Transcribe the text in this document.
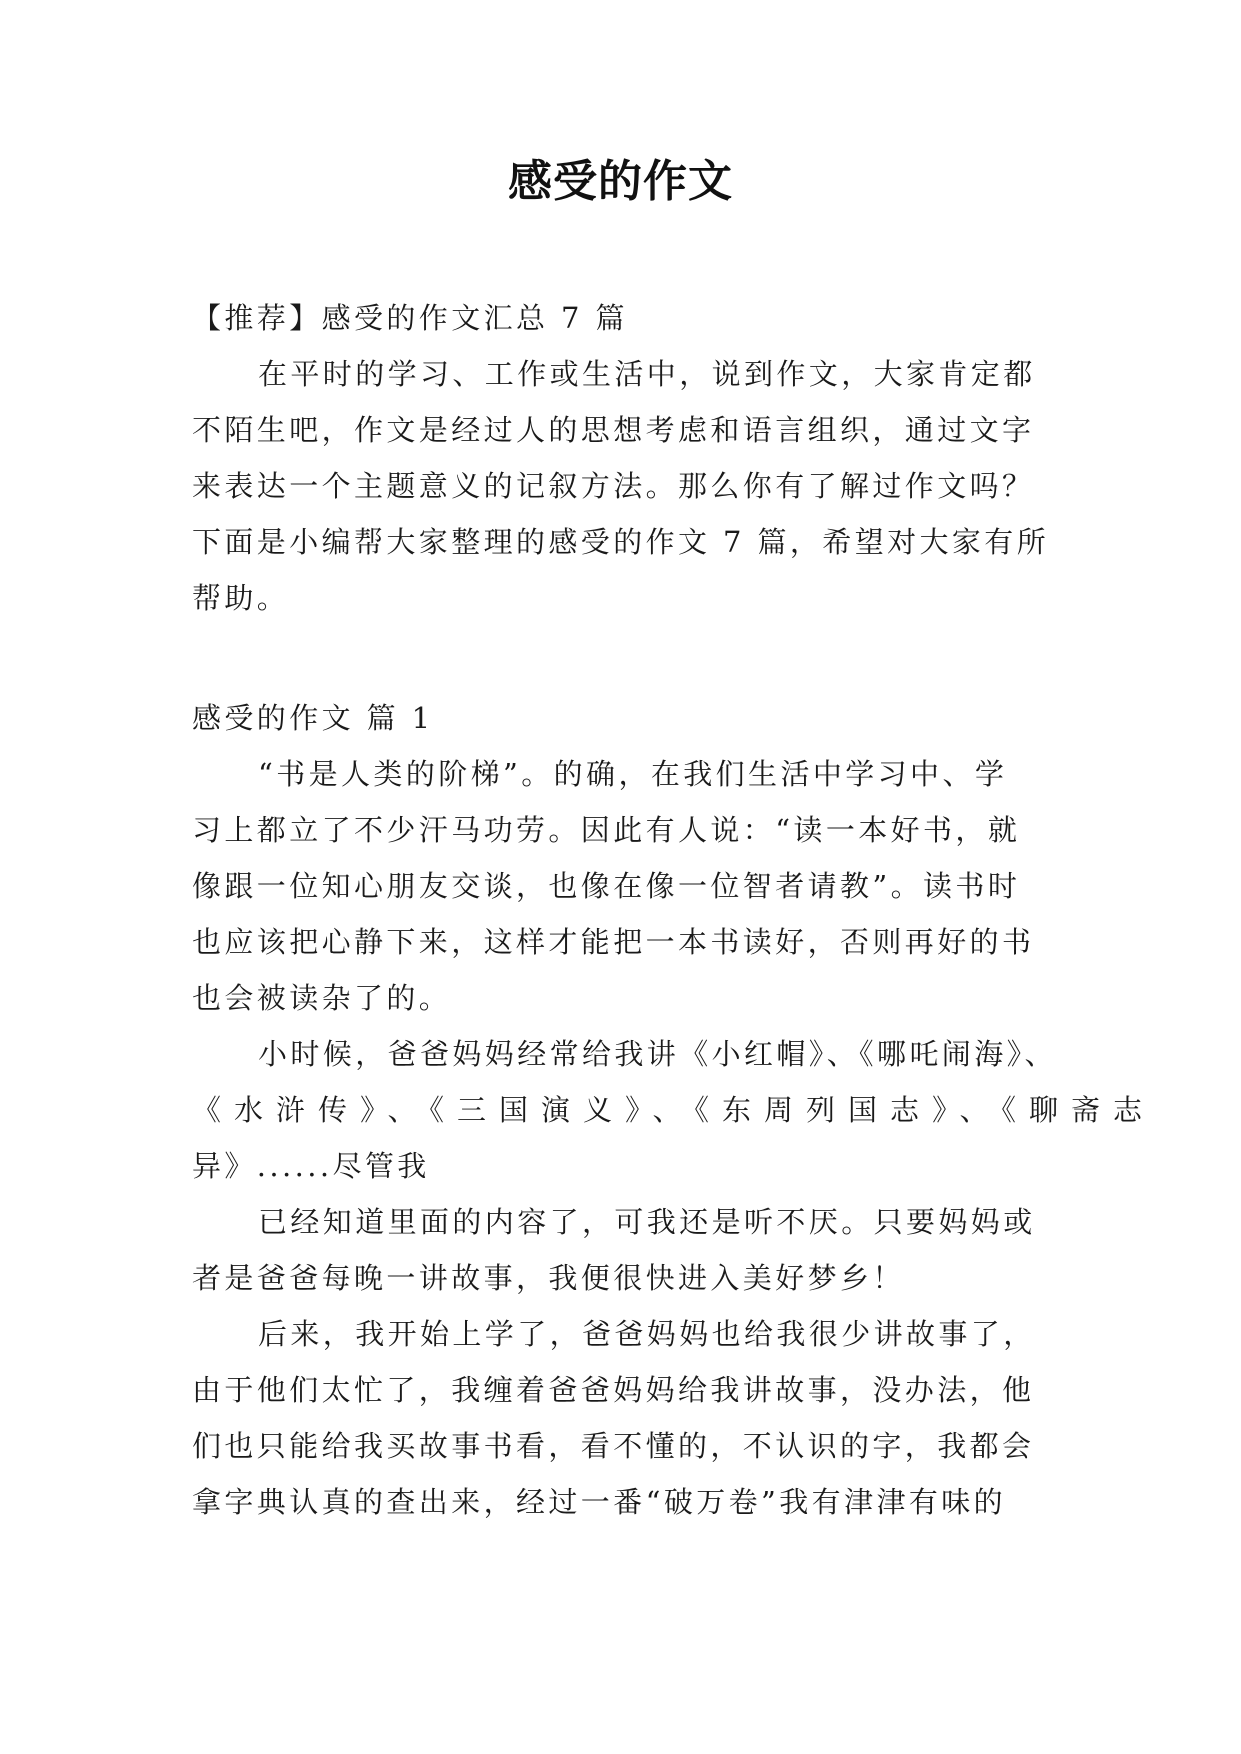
感受的作文
【推荐】感受的作文汇总 7 篇
在平时的学习、工作或生活中，说到作文，大家肯定都
不陌生吧，作文是经过人的思想考虑和语言组织，通过文字
来表达一个主题意义的记叙方法。那么你有了解过作文吗？
下面是小编帮大家整理的感受的作文 7 篇，希望对大家有所
帮助。
感受的作文 篇 1
“书是人类的阶梯”。的确，在我们生活中学习中、学
习上都立了不少汗马功劳。因此有人说：“读一本好书，就
像跟一位知心朋友交谈，也像在像一位智者请教”。读书时
也应该把心静下来，这样才能把一本书读好，否则再好的书
也会被读杂了的。
小时候，爸爸妈妈经常给我讲《小红帽》、《哪吒闹海》、
《水浒传》、《三国演义》、《东周列国志》、《聊斋志
异》......尽管我
已经知道里面的内容了，可我还是听不厌。只要妈妈或
者是爸爸每晚一讲故事，我便很快进入美好梦乡！
后来，我开始上学了，爸爸妈妈也给我很少讲故事了，
由于他们太忙了，我缠着爸爸妈妈给我讲故事，没办法，他
们也只能给我买故事书看，看不懂的，不认识的字，我都会
拿字典认真的查出来，经过一番“破万卷”我有津津有味的
